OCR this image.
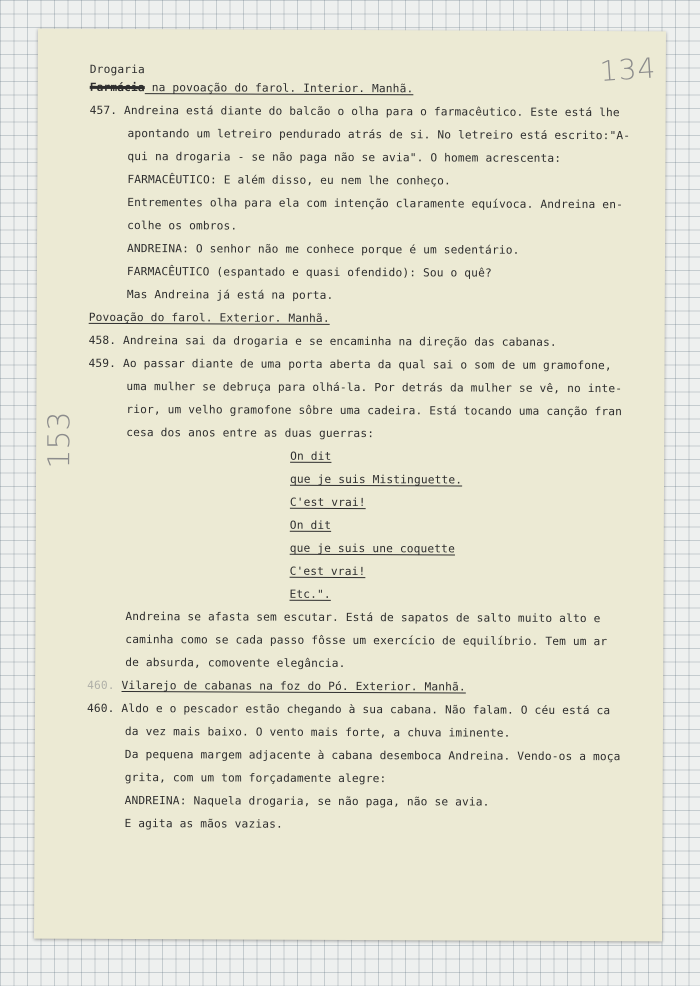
134
153
Drogaria
Farmácia na povoação do farol. Interior. Manhã.
457. Andreina está diante do balcão o olha para o farmacêutico. Este está lhe
apontando um letreiro pendurado atrás de si. No letreiro está escrito:"A-
qui na drogaria - se não paga não se avia". O homem acrescenta:
FARMACÊUTICO: E além disso, eu nem lhe conheço.
Entrementes olha para ela com intenção claramente equívoca. Andreina en-
colhe os ombros.
ANDREINA: O senhor não me conhece porque é um sedentário.
FARMACÊUTICO (espantado e quasi ofendido): Sou o quê?
Mas Andreina já está na porta.
Povoação do farol. Exterior. Manhã.
458. Andreina sai da drogaria e se encaminha na direção das cabanas.
459. Ao passar diante de uma porta aberta da qual sai o som de um gramofone,
uma mulher se debruça para olhá-la. Por detrás da mulher se vê, no inte-
rior, um velho gramofone sôbre uma cadeira. Está tocando uma canção fran
cesa dos anos entre as duas guerras:
On dit
que je suis Mistinguette.
C'est vrai!
On dit
que je suis une coquette
C'est vrai!
Etc.".
Andreina se afasta sem escutar. Está de sapatos de salto muito alto e
caminha como se cada passo fôsse um exercício de equilíbrio. Tem um ar
de absurda, comovente elegância.
460. Vilarejo de cabanas na foz do Pó. Exterior. Manhã.
460. Aldo e o pescador estão chegando à sua cabana. Não falam. O céu está ca
da vez mais baixo. O vento mais forte, a chuva iminente.
Da pequena margem adjacente à cabana desemboca Andreina. Vendo-os a moça
grita, com um tom forçadamente alegre:
ANDREINA: Naquela drogaria, se não paga, não se avia.
E agita as mãos vazias.
